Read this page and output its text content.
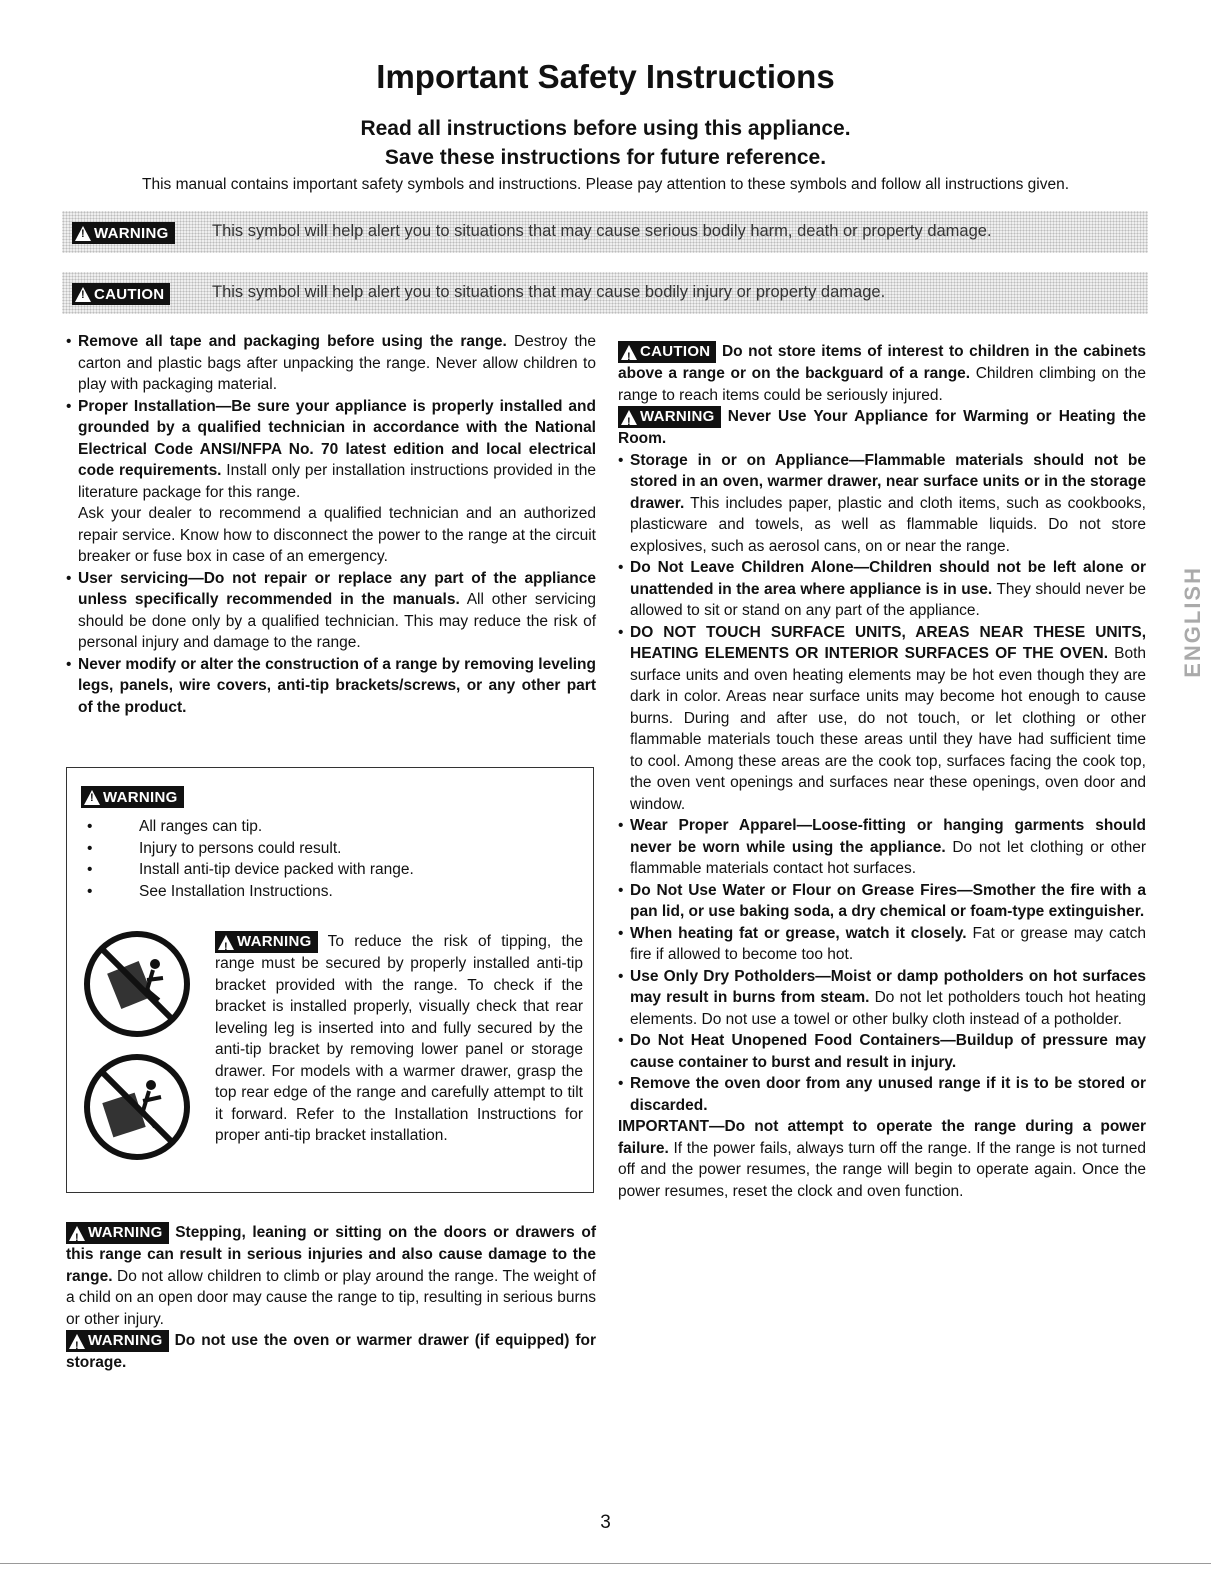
Important Safety Instructions
Read all instructions before using this appliance.
Save these instructions for future reference.
This manual contains important safety symbols and instructions. Please pay attention to these symbols and follow all instructions given.
!
WARNING	This symbol will help alert you to situations that may cause serious bodily harm, death or property damage.
!
CAUTION	This symbol will help alert you to situations that may cause bodily injury or property damage.
• Remove all tape and packaging before using the range. Destroy the carton and plastic bags after unpacking the range. Never allow children to play with packaging material.
• Proper Installation—Be sure your appliance is properly installed and grounded by a qualified technician in accordance with the National Electrical Code ANSI/NFPA No. 70 latest edition and local electrical code requirements. Install only per installation instructions provided in the literature package for this range.
Ask your dealer to recommend a qualified technician and an authorized repair service. Know how to disconnect the power to the range at the circuit breaker or fuse box in case of an emergency.
• User servicing—Do not repair or replace any part of the appliance unless specifically recommended in the manuals. All other servicing should be done only by a qualified technician. This may reduce the risk of personal injury and damage to the range.
• Never modify or alter the construction of a range by removing leveling legs, panels, wire covers, anti-tip brackets/screws, or any other part of the product.
!
WARNING
• All ranges can tip.
• Injury to persons could result.
• Install anti-tip device packed with range.
• See Installation Instructions.
!
WARNING To reduce the risk of tipping, the range must be secured by properly installed anti-tip bracket provided with the range. To check if the bracket is installed properly, visually check that rear leveling leg is inserted into and fully secured by the anti-tip bracket by removing lower panel or storage drawer. For models with a warmer drawer, grasp the top rear edge of the range and carefully attempt to tilt it forward. Refer to the Installation Instructions for proper anti-tip bracket installation.

!
WARNING Stepping, leaning or sitting on the doors or drawers of this range can result in serious injuries and also cause damage to the range. Do not allow children to climb or play around the range. The weight of a child on an open door may cause the range to tip, resulting in serious burns or other injury.

!
WARNING Do not use the oven or warmer drawer (if equipped) for storage.

!
CAUTION Do not store items of interest to children in the cabinets above a range or on the backguard of a range. Children climbing on the range to reach items could be seriously injured.

!
WARNING Never Use Your Appliance for Warming or Heating the Room.

• Storage in or on Appliance—Flammable materials should not be stored in an oven, warmer drawer, near surface units or in the storage drawer. This includes paper, plastic and cloth items, such as cookbooks, plasticware and towels, as well as flammable liquids. Do not store explosives, such as aerosol cans, on or near the range.
• Do Not Leave Children Alone—Children should not be left alone or unattended in the area where appliance is in use. They should never be allowed to sit or stand on any part of the appliance.
• DO NOT TOUCH SURFACE UNITS, AREAS NEAR THESE UNITS, HEATING ELEMENTS OR INTERIOR SURFACES OF THE OVEN. Both surface units and oven heating elements may be hot even though they are dark in color. Areas near surface units may become hot enough to cause burns. During and after use, do not touch, or let clothing or other flammable materials touch these areas until they have had sufficient time to cool. Among these areas are the cook top, surfaces facing the cook top, the oven vent openings and surfaces near these openings, oven door and window.
• Wear Proper Apparel—Loose-fitting or hanging garments should never be worn while using the appliance. Do not let clothing or other flammable materials contact hot surfaces.
• Do Not Use Water or Flour on Grease Fires—Smother the fire with a pan lid, or use baking soda, a dry chemical or foam-type extinguisher.
• When heating fat or grease, watch it closely. Fat or grease may catch fire if allowed to become too hot.
• Use Only Dry Potholders—Moist or damp potholders on hot surfaces may result in burns from steam. Do not let potholders touch hot heating elements. Do not use a towel or other bulky cloth instead of a potholder.
• Do Not Heat Unopened Food Containers—Buildup of pressure may cause container to burst and result in injury.
• Remove the oven door from any unused range if it is to be stored or discarded.

IMPORTANT—Do not attempt to operate the range during a power failure. If the power fails, always turn off the range. If the range is not turned off and the power resumes, the range will begin to operate again. Once the power resumes, reset the clock and oven function.

ENGLISH
3
